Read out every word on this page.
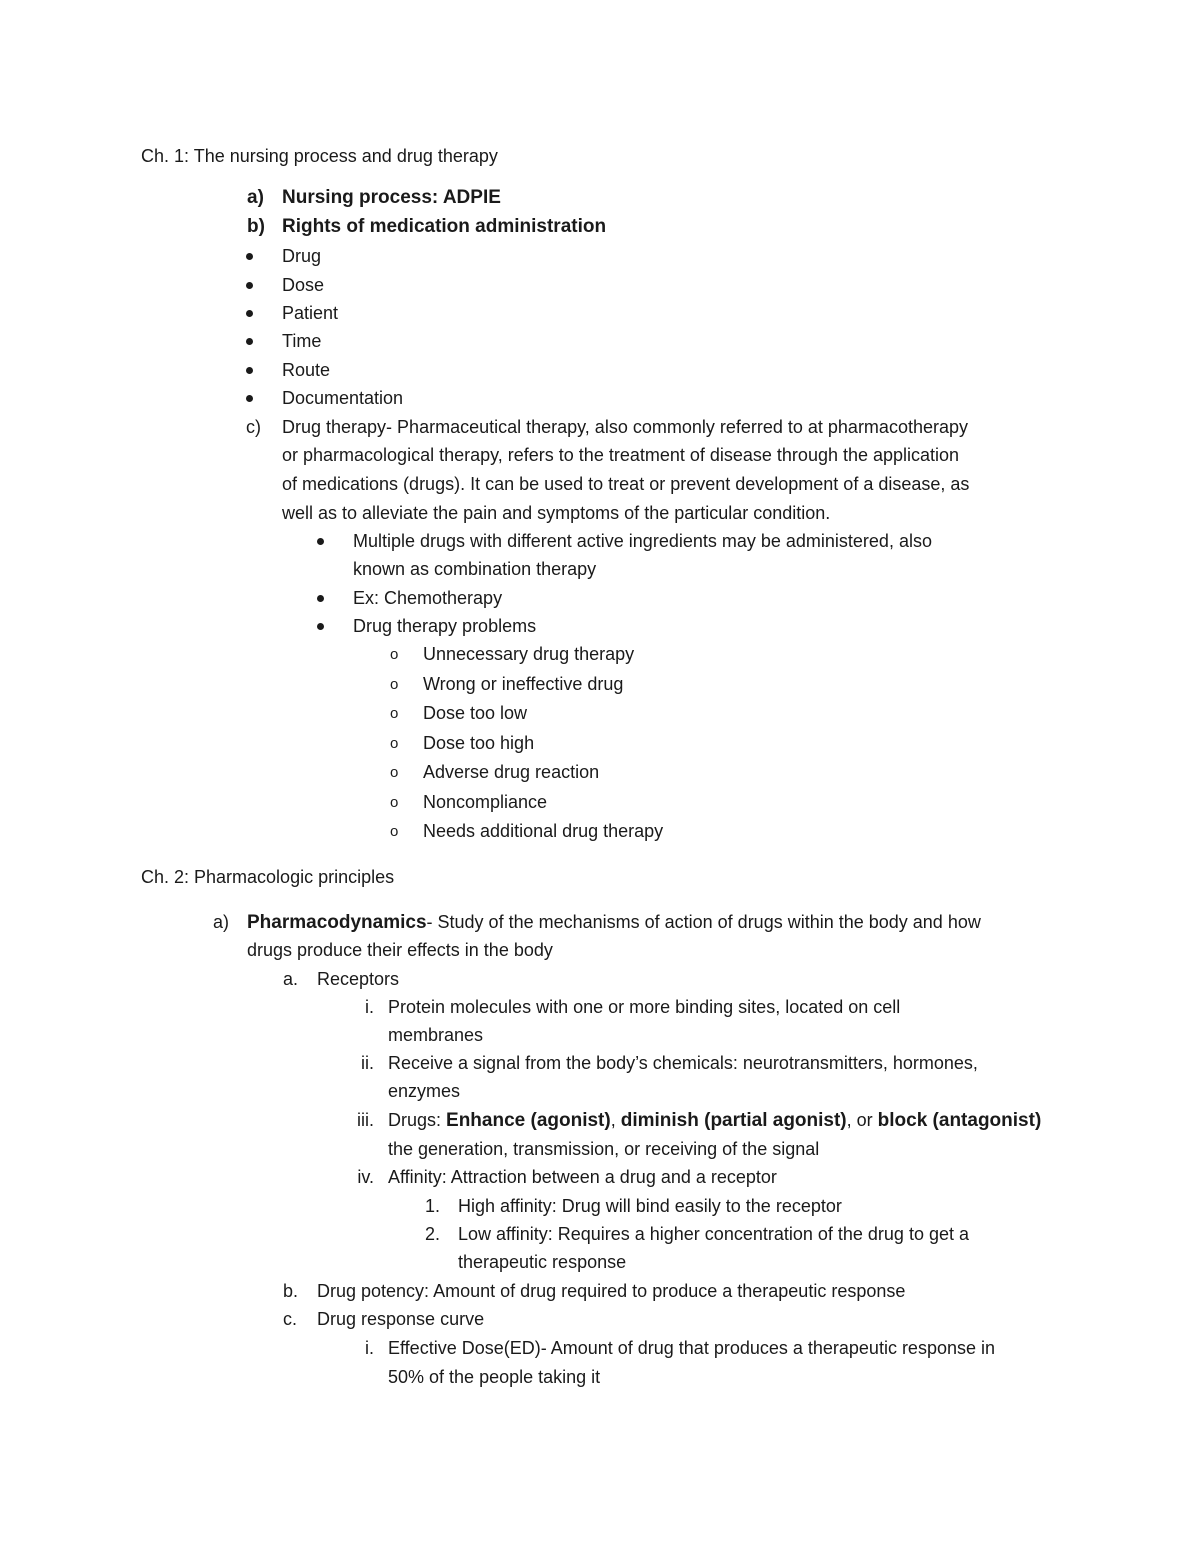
Ch. 1: The nursing process and drug therapy
a) Nursing process: ADPIE
b) Rights of medication administration
Drug
Dose
Patient
Time
Route
Documentation
c) Drug therapy- Pharmaceutical therapy, also commonly referred to at pharmacotherapy
or pharmacological therapy, refers to the treatment of disease through the application
of medications (drugs). It can be used to treat or prevent development of a disease, as
well as to alleviate the pain and symptoms of the particular condition.
Multiple drugs with different active ingredients may be administered, also
known as combination therapy
Ex: Chemotherapy
Drug therapy problems
o Unnecessary drug therapy
o Wrong or ineffective drug
o Dose too low
o Dose too high
o Adverse drug reaction
o Noncompliance
o Needs additional drug therapy
Ch. 2: Pharmacologic principles
a) Pharmacodynamics- Study of the mechanisms of action of drugs within the body and how
drugs produce their effects in the body
a. Receptors
i. Protein molecules with one or more binding sites, located on cell
membranes
ii. Receive a signal from the body’s chemicals: neurotransmitters, hormones,
enzymes
iii. Drugs: Enhance (agonist), diminish (partial agonist), or block (antagonist)
the generation, transmission, or receiving of the signal
iv. Affinity: Attraction between a drug and a receptor
1. High affinity: Drug will bind easily to the receptor
2. Low affinity: Requires a higher concentration of the drug to get a
therapeutic response
b. Drug potency: Amount of drug required to produce a therapeutic response
c. Drug response curve
i. Effective Dose(ED)- Amount of drug that produces a therapeutic response in
50% of the people taking it
